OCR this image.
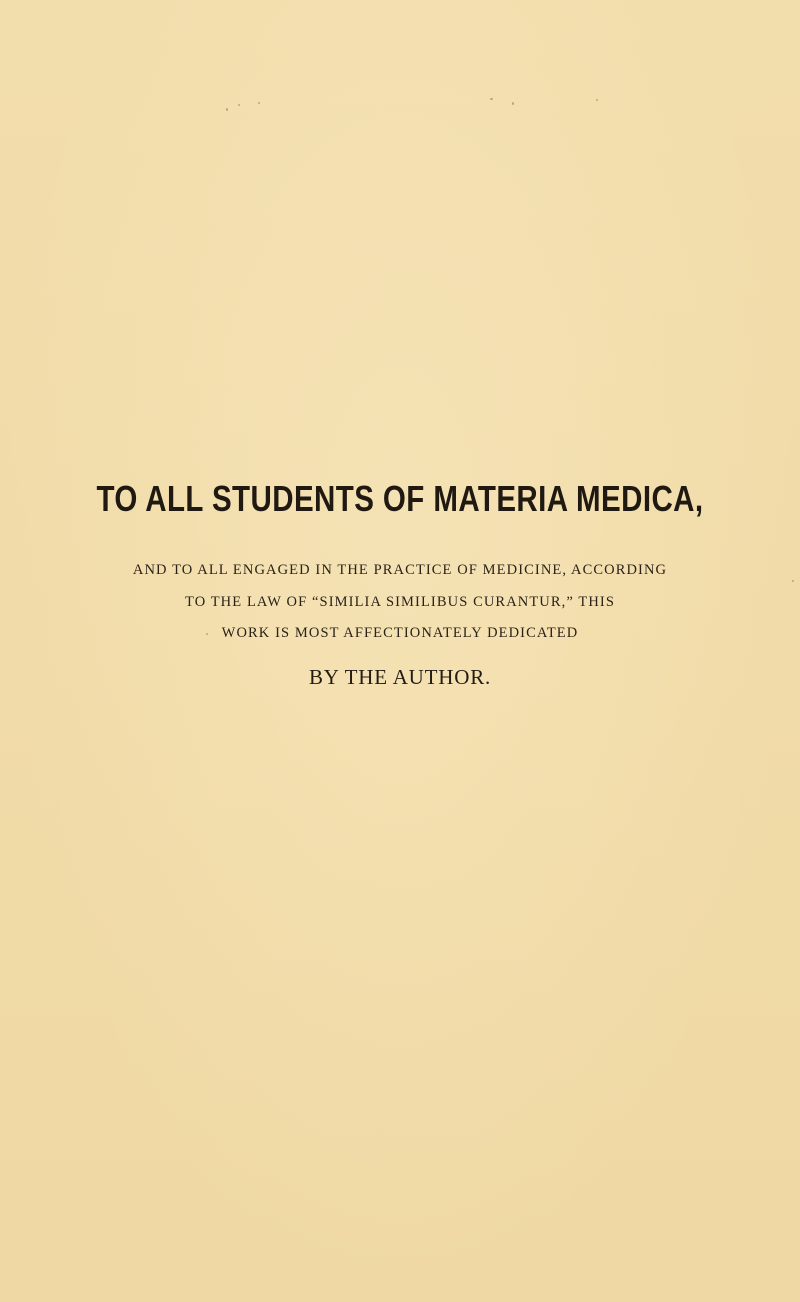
TO ALL STUDENTS OF MATERIA MEDICA,
AND TO ALL ENGAGED IN THE PRACTICE OF MEDICINE, ACCORDING
TO THE LAW OF “SIMILIA SIMILIBUS CURANTUR,” THIS
WORK IS MOST AFFECTIONATELY DEDICATED
BY THE AUTHOR.
